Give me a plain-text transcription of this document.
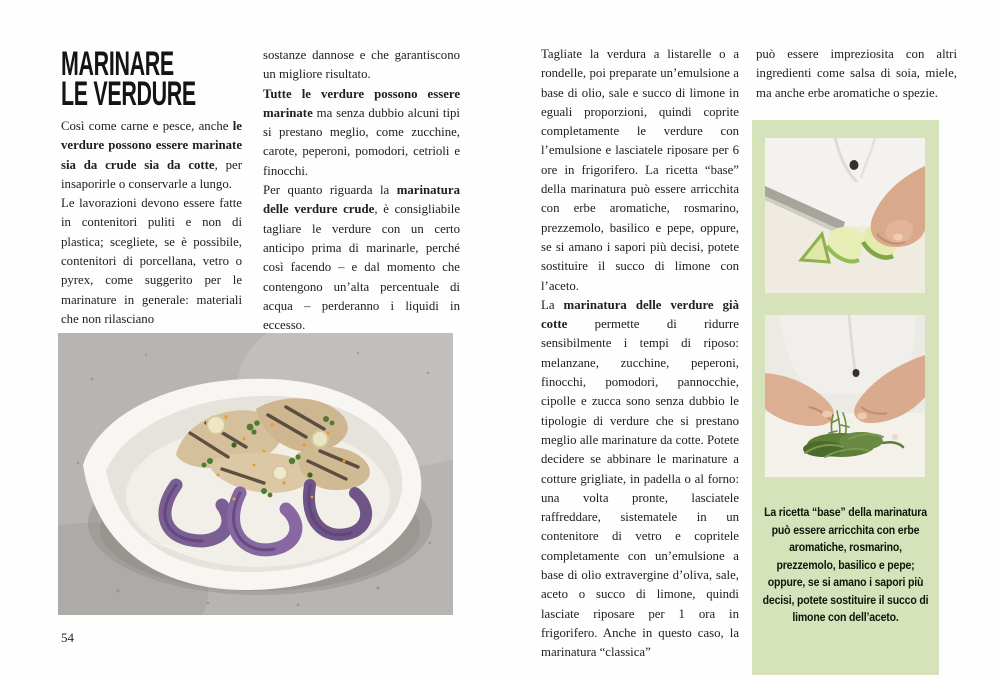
MARINARE
LE VERDURE

Così come carne e pesce, anche le verdure possono essere marinate sia da crude sia da cotte, per insaporirle o conservarle a lungo.

Le lavorazioni devono essere fatte in contenitori puliti e non di plastica; scegliete, se è possibile, contenitori di porcellana, vetro o pyrex, come suggerito per le marinature in generale: materiali che non rilasciano

sostanze dannose e che garantiscono un migliore risultato.

Tutte le verdure possono essere marinate ma senza dubbio alcuni tipi si prestano meglio, come zucchine, carote, peperoni, pomodori, cetrioli e finocchi.

Per quanto riguarda la marinatura delle verdure crude, è consigliabile tagliare le verdure con un certo anticipo prima di marinarle, perché così facendo – e dal momento che contengono un’alta percentuale di acqua – perderanno i liquidi in eccesso.

54

Tagliate la verdura a listarelle o a rondelle, poi preparate un’emulsione a base di olio, sale e succo di limone in eguali proporzioni, quindi coprite completamente le verdure con l’emulsione e lasciatele riposare per 6 ore in frigorifero. La ricetta “base” della marinatura può essere arricchita con erbe aromatiche, rosmarino, prezzemolo, basilico e pepe, oppure, se si amano i sapori più decisi, potete sostituire il succo di limone con l’aceto.

La marinatura delle verdure già cotte permette di ridurre sensibilmente i tempi di riposo: melanzane, zucchine, peperoni, finocchi, pomodori, pannocchie, cipolle e zucca sono senza dubbio le tipologie di verdure che si prestano meglio alle marinature da cotte. Potete decidere se abbinare le marinature a cotture grigliate, in padella o al forno: una volta pronte, lasciatele raffreddare, sistematele in un contenitore di vetro e copritele completamente con un’emulsione a base di olio extravergine d’oliva, sale, aceto o succo di limone, quindi lasciate riposare per 1 ora in frigorifero. Anche in questo caso, la marinatura “classica”

può essere impreziosita con altri ingredienti come salsa di soia, miele, ma anche erbe aromatiche o spezie.

La ricetta “base” della marinatura può essere arricchita con erbe aromatiche, rosmarino, prezzemolo, basilico e pepe; oppure, se si amano i sapori più decisi, potete sostituire il succo di limone con dell’aceto.
